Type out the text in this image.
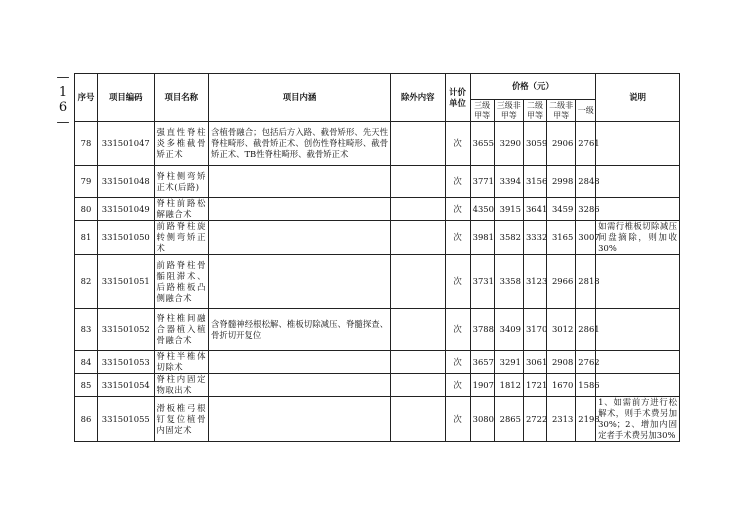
—
1
6
—
序号	项目编码	项目名称	项目内涵	除外内容	计价单位	价格（元）					说明
						三级甲等	三级非甲等	二级甲等	二级非甲等	一级	
78	331501047	强直性脊柱炎多椎截骨矫正术	含植骨融合；包括后方入路、截骨矫形、先天性脊柱畸形、截骨矫正术、创伤性脊柱畸形、截骨矫正术、TB性脊柱畸形、截骨矫正术		次	3655	3290	3059	2906	2761	
79	331501048	脊柱侧弯矫正术(后路)			次	3771	3394	3156	2998	2848	
80	331501049	脊柱前路松解融合术			次	4350	3915	3641	3459	3286	
81	331501050	前路脊柱旋转侧弯矫正术			次	3981	3582	3332	3165	3007	如需行椎板切除减压间盘摘除，则加收30%
82	331501051	前路脊柱骨骺阻滞术、后路椎板凸侧融合术			次	3731	3358	3123	2966	2818	
83	331501052	脊柱椎间融合器植入植骨融合术	含脊髓神经根松解、椎板切除减压、脊髓探查、骨折切开复位		次	3788	3409	3170	3012	2861	
84	331501053	脊柱半椎体切除术			次	3657	3291	3061	2908	2762	
85	331501054	脊柱内固定物取出术			次	1907	1812	1721	1670	1586	
86	331501055	滑板椎弓根钉复位植骨内固定术			次	3080	2865	2722	2313	2198	1、如需前方进行松解术，则手术费另加30%；2、增加内固定者手术费另加30%
